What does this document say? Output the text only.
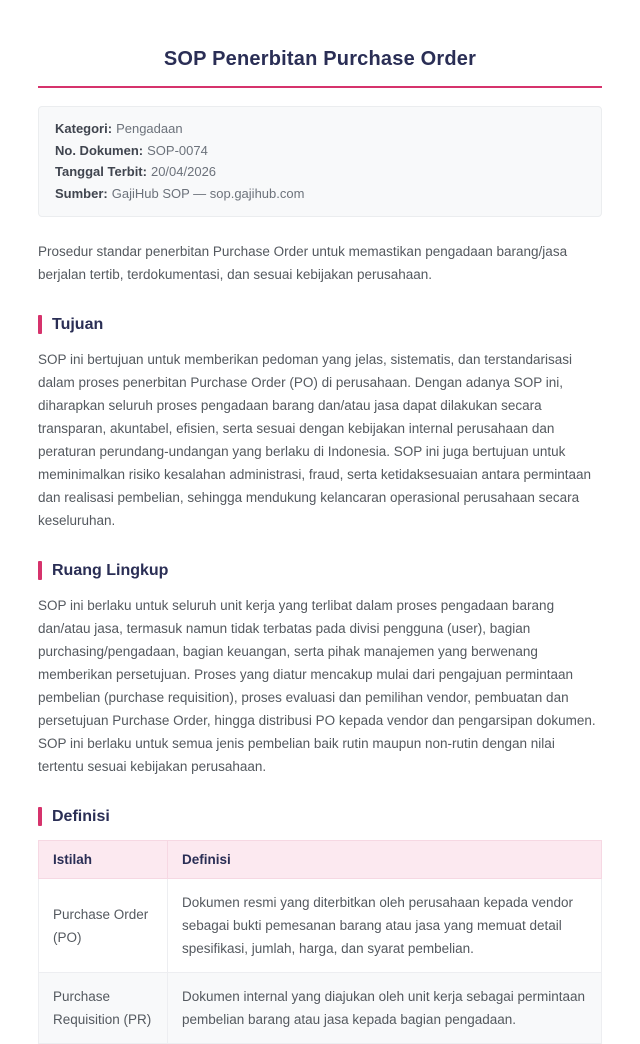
SOP Penerbitan Purchase Order
Kategori: Pengadaan
No. Dokumen: SOP-0074
Tanggal Terbit: 20/04/2026
Sumber: GajiHub SOP — sop.gajihub.com

Prosedur standar penerbitan Purchase Order untuk memastikan pengadaan barang/jasa berjalan tertib, terdokumentasi, dan sesuai kebijakan perusahaan.

Tujuan

SOP ini bertujuan untuk memberikan pedoman yang jelas, sistematis, dan terstandarisasi dalam proses penerbitan Purchase Order (PO) di perusahaan. Dengan adanya SOP ini, diharapkan seluruh proses pengadaan barang dan/atau jasa dapat dilakukan secara transparan, akuntabel, efisien, serta sesuai dengan kebijakan internal perusahaan dan peraturan perundang-undangan yang berlaku di Indonesia. SOP ini juga bertujuan untuk meminimalkan risiko kesalahan administrasi, fraud, serta ketidaksesuaian antara permintaan dan realisasi pembelian, sehingga mendukung kelancaran operasional perusahaan secara keseluruhan.

Ruang Lingkup

SOP ini berlaku untuk seluruh unit kerja yang terlibat dalam proses pengadaan barang dan/atau jasa, termasuk namun tidak terbatas pada divisi pengguna (user), bagian purchasing/pengadaan, bagian keuangan, serta pihak manajemen yang berwenang memberikan persetujuan. Proses yang diatur mencakup mulai dari pengajuan permintaan pembelian (purchase requisition), proses evaluasi dan pemilihan vendor, pembuatan dan persetujuan Purchase Order, hingga distribusi PO kepada vendor dan pengarsipan dokumen. SOP ini berlaku untuk semua jenis pembelian baik rutin maupun non-rutin dengan nilai tertentu sesuai kebijakan perusahaan.

Definisi
Istilah	Definisi
Purchase Order (PO)	Dokumen resmi yang diterbitkan oleh perusahaan kepada vendor sebagai bukti pemesanan barang atau jasa yang memuat detail spesifikasi, jumlah, harga, dan syarat pembelian.
Purchase Requisition (PR)	Dokumen internal yang diajukan oleh unit kerja sebagai permintaan pembelian barang atau jasa kepada bagian pengadaan.
